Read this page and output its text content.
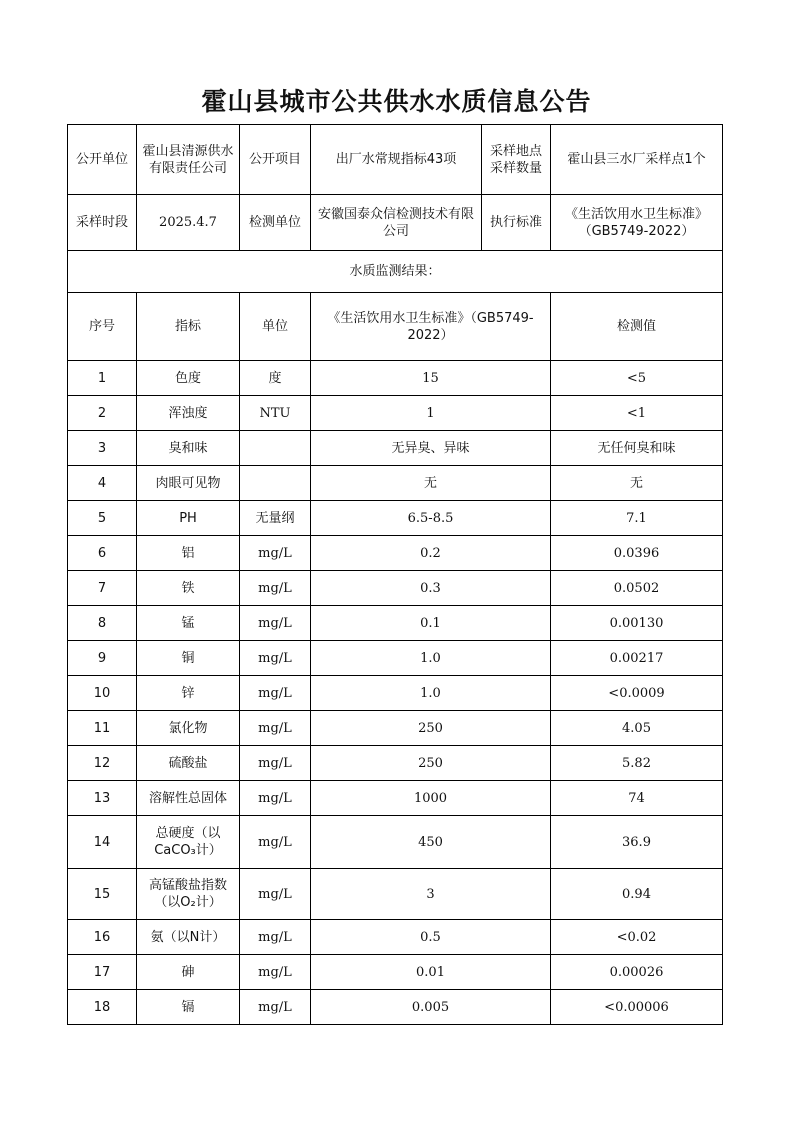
霍山县城市公共供水水质信息公告
公开单位	霍山县清源供水有限责任公司	公开项目	出厂水常规指标43项	采样地点采样数量	霍山县三水厂采样点1个
采样时段	2025.4.7	检测单位	安徽国泰众信检测技术有限公司	执行标准	《生活饮用水卫生标准》（GB5749-2022）
水质监测结果：					
序号	指标	单位	《生活饮用水卫生标准》（GB5749-2022）		检测值
1	色度	度	15		<5
2	浑浊度	NTU	1		<1
3	臭和味		无异臭、异味		无任何臭和味
4	肉眼可见物		无		无
5	PH	无量纲	6.5-8.5		7.1
6	铝	mg/L	0.2		0.0396
7	铁	mg/L	0.3		0.0502
8	锰	mg/L	0.1		0.00130
9	铜	mg/L	1.0		0.00217
10	锌	mg/L	1.0		<0.0009
11	氯化物	mg/L	250		4.05
12	硫酸盐	mg/L	250		5.82
13	溶解性总固体	mg/L	1000		74
14	总硬度（以CaCO₃计）	mg/L	450		36.9
15	高锰酸盐指数（以O₂计）	mg/L	3		0.94
16	氨（以N计）	mg/L	0.5		<0.02
17	砷	mg/L	0.01		0.00026
18	镉	mg/L	0.005		<0.00006
